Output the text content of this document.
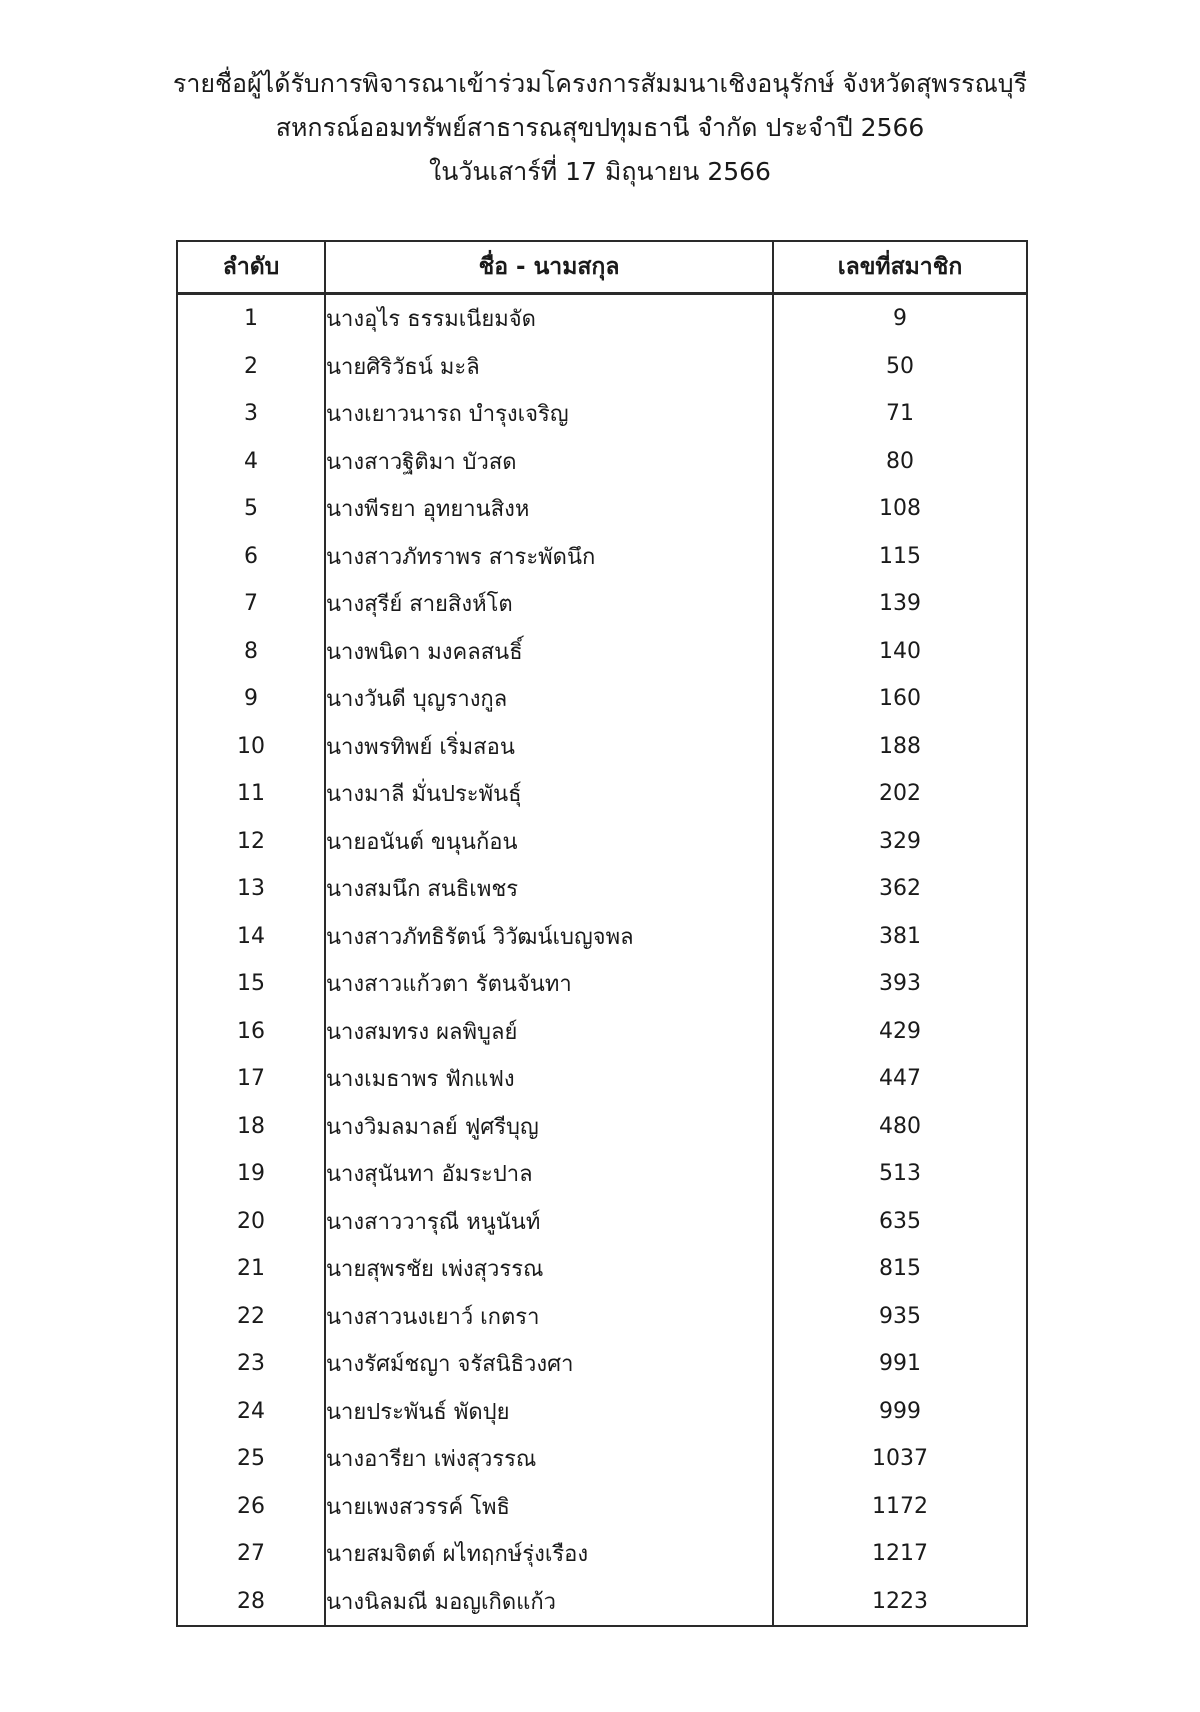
รายชื่อผู้ได้รับการพิจารณาเข้าร่วมโครงการสัมมนาเชิงอนุรักษ์ จังหวัดสุพรรณบุรี
สหกรณ์ออมทรัพย์สาธารณสุขปทุมธานี จำกัด ประจำปี 2566
ในวันเสาร์ที่ 17 มิถุนายน 2566
ลำดับ	ชื่อ - นามสกุล	เลขที่สมาชิก
1	นางอุไร ธรรมเนียมจัด	9
2	นายศิริวัธน์ มะลิ	50
3	นางเยาวนารถ บำรุงเจริญ	71
4	นางสาวฐิติมา บัวสด	80
5	นางพีรยา อุทยานสิงห	108
6	นางสาวภัทราพร สาระพัดนึก	115
7	นางสุรีย์ สายสิงห์โต	139
8	นางพนิดา มงคลสนธิ์	140
9	นางวันดี บุญรางกูล	160
10	นางพรทิพย์ เริ่มสอน	188
11	นางมาลี มั่นประพันธุ์	202
12	นายอนันต์ ขนุนก้อน	329
13	นางสมนึก สนธิเพชร	362
14	นางสาวภัทธิรัตน์ วิวัฒน์เบญจพล	381
15	นางสาวแก้วตา รัตนจันทา	393
16	นางสมทรง ผลพิบูลย์	429
17	นางเมธาพร ฟักแฟง	447
18	นางวิมลมาลย์ ฟูศรีบุญ	480
19	นางสุนันทา อัมระปาล	513
20	นางสาววารุณี หนูนันท์	635
21	นายสุพรชัย เพ่งสุวรรณ	815
22	นางสาวนงเยาว์ เกตรา	935
23	นางรัศม์ชญา จรัสนิธิวงศา	991
24	นายประพันธ์ พัดปุย	999
25	นางอารียา เพ่งสุวรรณ	1037
26	นายเพงสวรรค์ โพธิ	1172
27	นายสมจิตต์ ผไทฤกษ์รุ่งเรือง	1217
28	นางนิลมณี มอญเกิดแก้ว	1223
